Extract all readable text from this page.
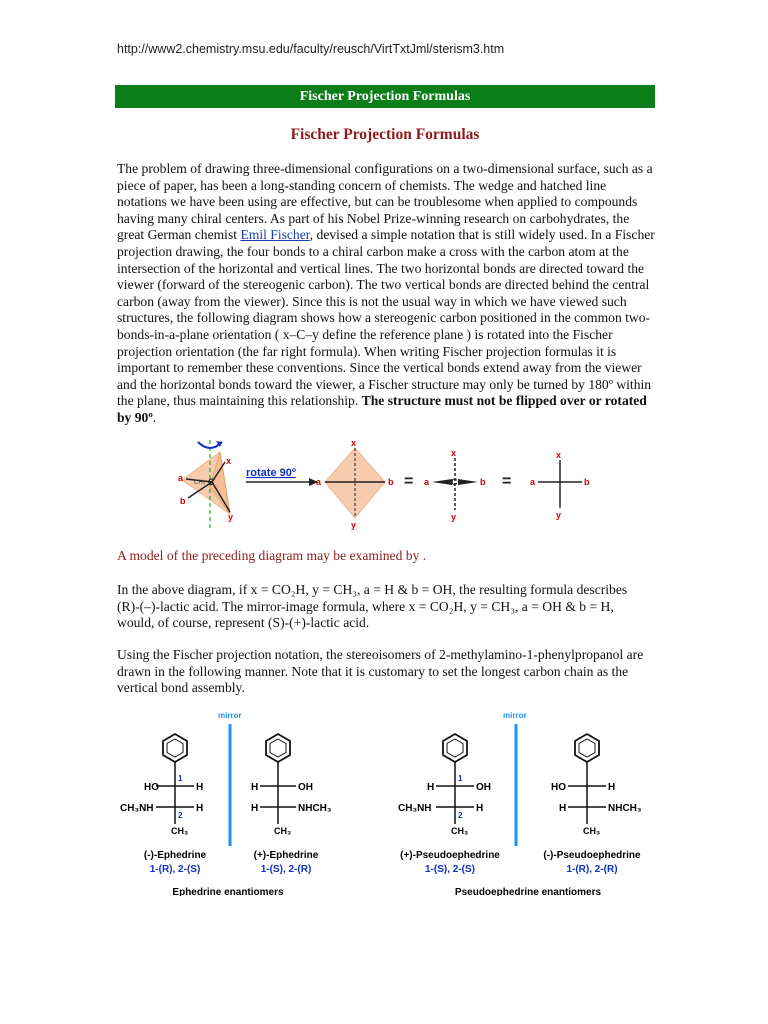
http://www2.chemistry.msu.edu/faculty/reusch/VirtTxtJml/sterism3.htm
Fischer Projection Formulas
Fischer Projection Formulas

The problem of drawing three-dimensional configurations on a two-dimensional surface, such as a piece of paper, has been a long-standing concern of chemists. The wedge and hatched line notations we have been using are effective, but can be troublesome when applied to compounds having many chiral centers. As part of his Nobel Prize-winning research on carbohydrates, the great German chemist Emil Fischer, devised a simple notation that is still widely used. In a Fischer projection drawing, the four bonds to a chiral carbon make a cross with the carbon atom at the intersection of the horizontal and vertical lines. The two horizontal bonds are directed toward the viewer (forward of the stereogenic carbon). The two vertical bonds are directed behind the central carbon (away from the viewer). Since this is not the usual way in which we have viewed such structures, the following diagram shows how a stereogenic carbon positioned in the common two-bonds-in-a-plane orientation ( x–C–y define the reference plane ) is rotated into the Fischer projection orientation (the far right formula). When writing Fischer projection formulas it is important to remember these conventions. Since the vertical bonds extend away from the viewer and the horizontal bonds toward the viewer, a Fischer structure may only be turned by 180º within the plane, thus maintaining this relationship. The structure must not be flipped over or rotated by 90º.

x
y
a
b
CH₃ C
rotate 90º
x
y
a	b =
x
y
a	b
C	=
x
y
a	b

A model of the preceding diagram may be examined by .

In the above diagram, if x = CO₂H, y = CH₃, a = H & b = OH, the resulting formula describes
(R)-(–)-lactic acid. The mirror-image formula, where x = CO₂H, y = CH₃, a = OH & b = H,
would, of course, represent (S)-(+)-lactic acid.

Using the Fischer projection notation, the stereoisomers of 2-methylamino-1-phenylpropanol are drawn in the following manner. Note that it is customary to set the longest carbon chain as the vertical bond assembly.

mirror	mirror
HO	H
CH₃NH	H
CH₃
1
2
H	OH
H	NHCH₃
CH₃
H	OH
CH₃NH	H
CH₃
1
2
HO	H
H	NHCH₃
CH₃
(-)-Ephedrine
1-(R), 2-(S)
(+)-Ephedrine
1-(S), 2-(R)
(+)-Pseudoephedrine
1-(S), 2-(S)
(-)-Pseudoephedrine
1-(R), 2-(R)
Ephedrine enantiomers	Pseudoephedrine enantiomers
